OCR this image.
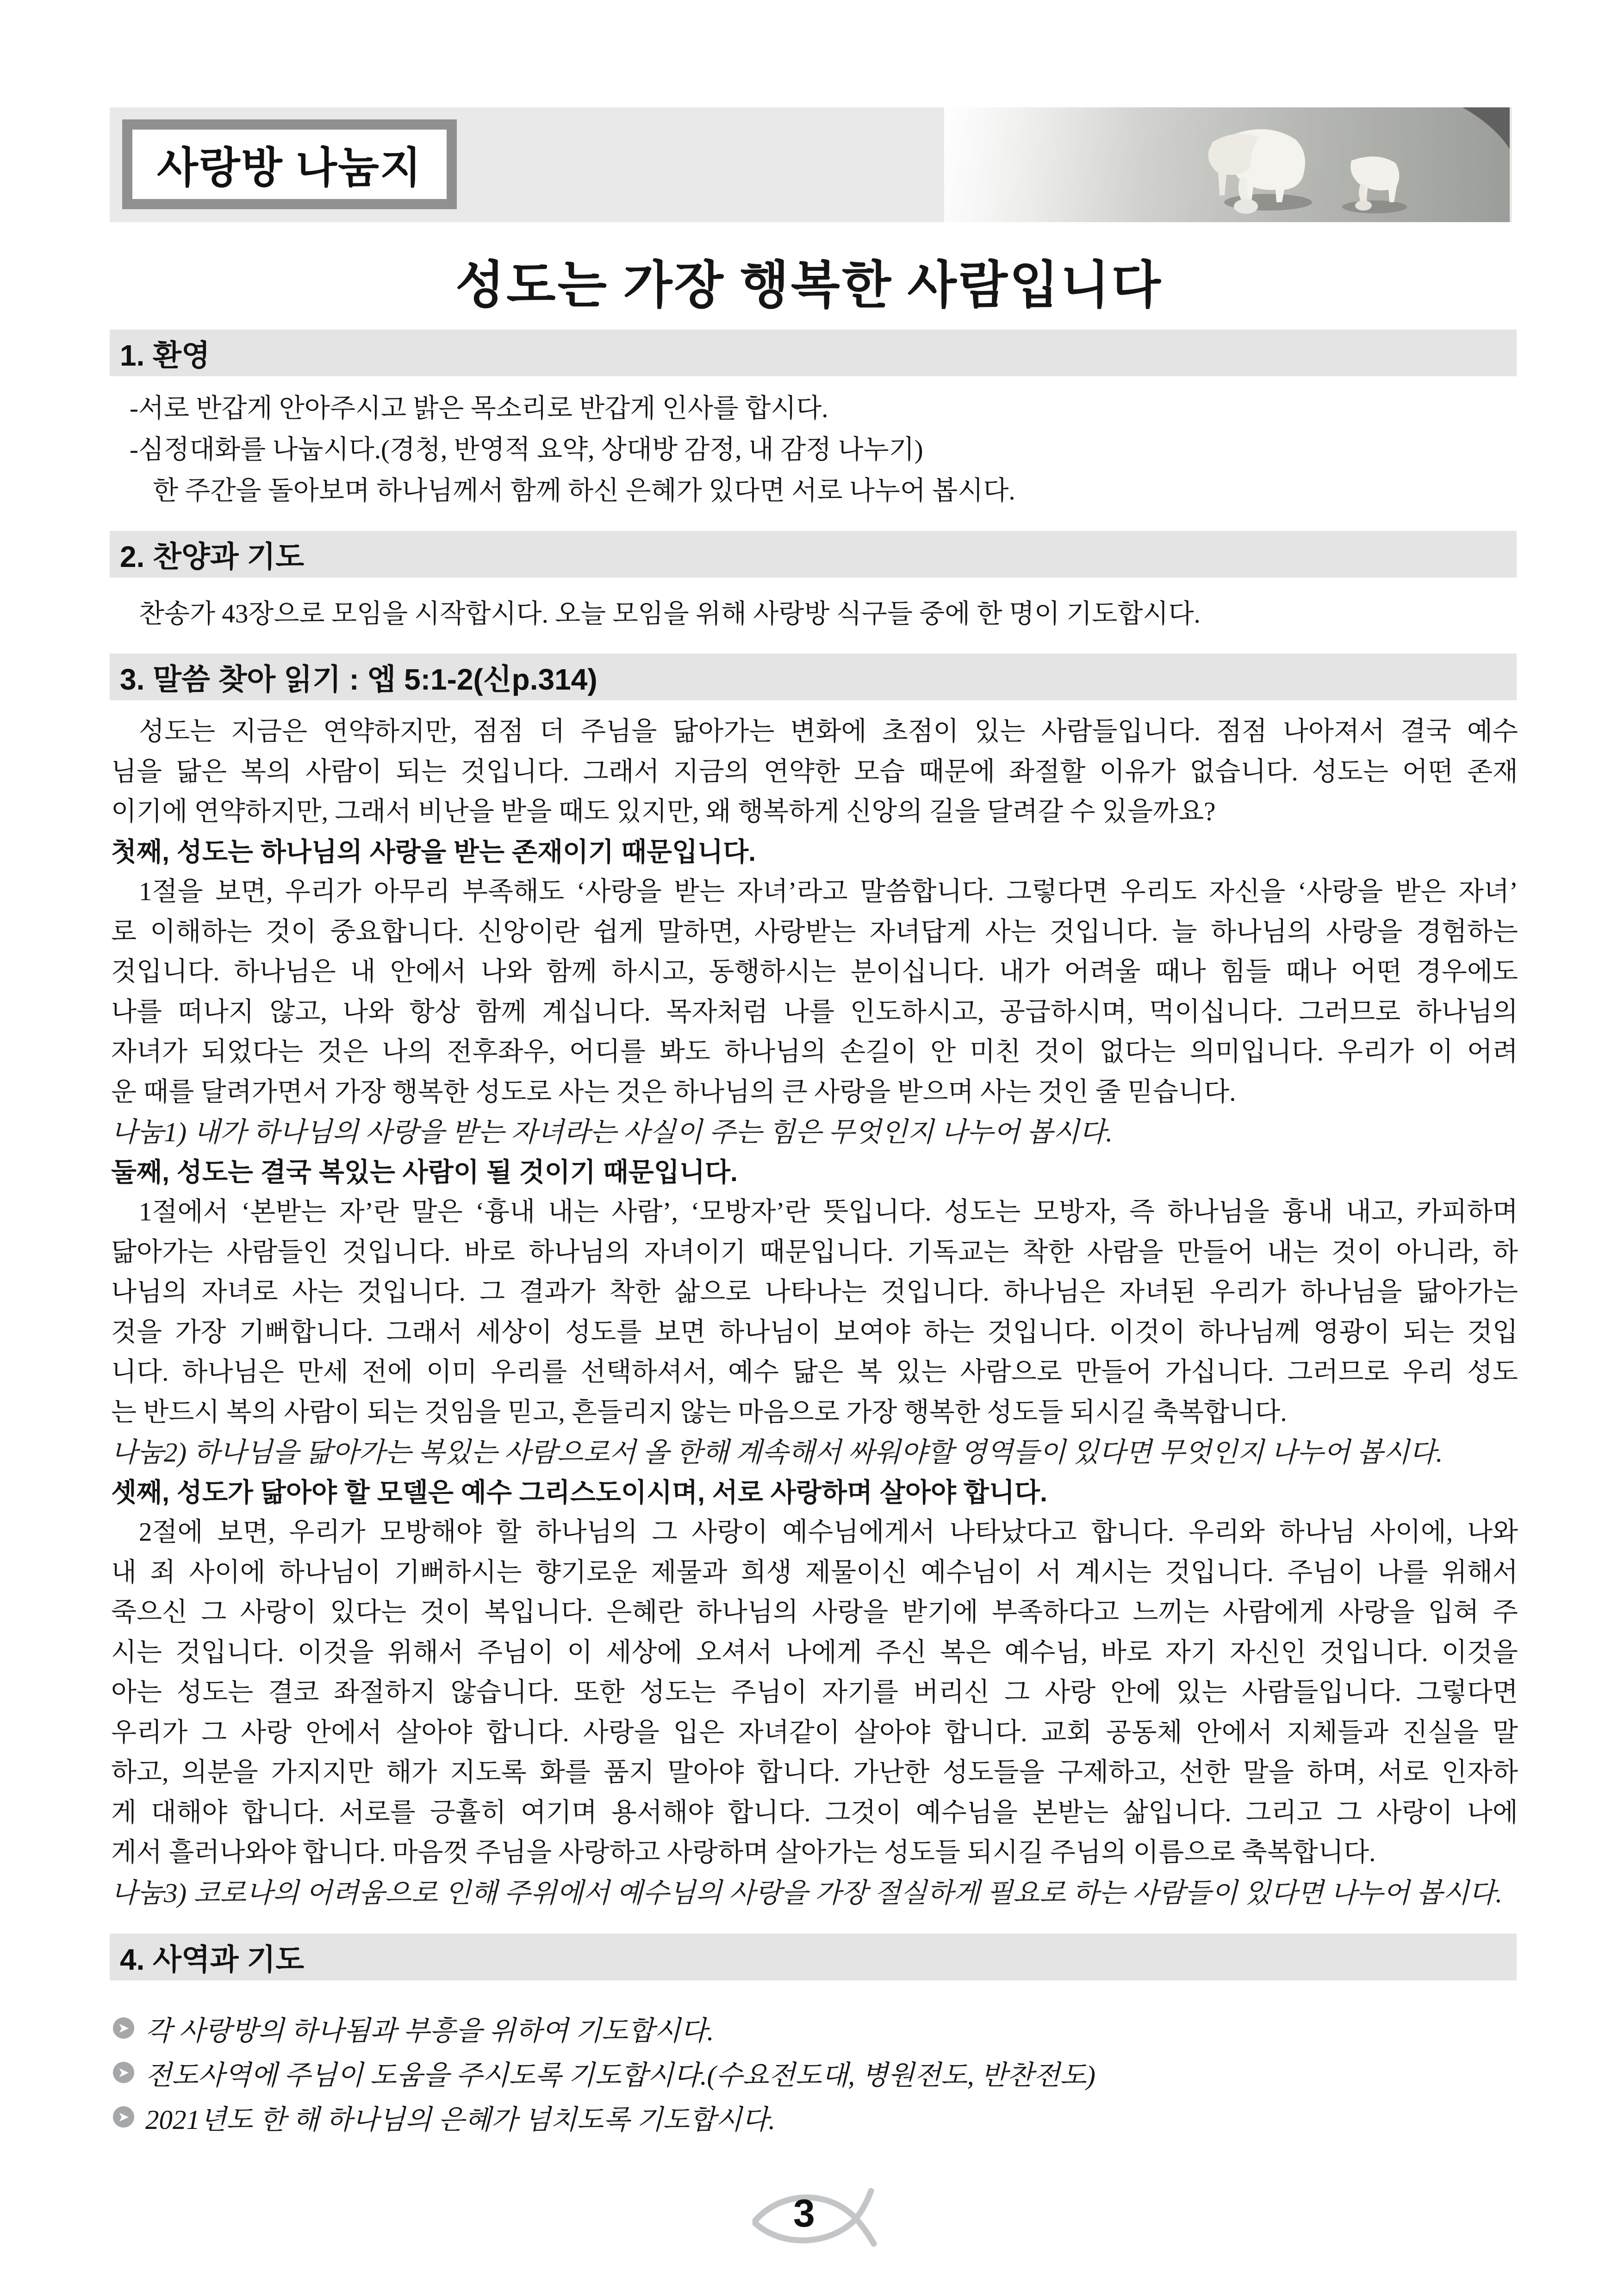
사랑방 나눔지
성도는 가장 행복한 사람입니다
1. 환영
-서로 반갑게 안아주시고 밝은 목소리로 반갑게 인사를 합시다.
-심정대화를 나눕시다.(경청, 반영적 요약, 상대방 감정, 내 감정 나누기)
한 주간을 돌아보며 하나님께서 함께 하신 은혜가 있다면 서로 나누어 봅시다.
2. 찬양과 기도
찬송가 43장으로 모임을 시작합시다. 오늘 모임을 위해 사랑방 식구들 중에 한 명이 기도합시다.
3. 말씀 찾아 읽기 : 엡 5:1-2(신p.314)
성도는 지금은 연약하지만, 점점 더 주님을 닮아가는 변화에 초점이 있는 사람들입니다. 점점 나아져서 결국 예수
님을 닮은 복의 사람이 되는 것입니다. 그래서 지금의 연약한 모습 때문에 좌절할 이유가 없습니다. 성도는 어떤 존재
이기에 연약하지만, 그래서 비난을 받을 때도 있지만, 왜 행복하게 신앙의 길을 달려갈 수 있을까요?
첫째, 성도는 하나님의 사랑을 받는 존재이기 때문입니다.
1절을 보면, 우리가 아무리 부족해도 ‘사랑을 받는 자녀’라고 말씀합니다. 그렇다면 우리도 자신을 ‘사랑을 받은 자녀’
로 이해하는 것이 중요합니다. 신앙이란 쉽게 말하면, 사랑받는 자녀답게 사는 것입니다. 늘 하나님의 사랑을 경험하는
것입니다. 하나님은 내 안에서 나와 함께 하시고, 동행하시는 분이십니다. 내가 어려울 때나 힘들 때나 어떤 경우에도
나를 떠나지 않고, 나와 항상 함께 계십니다. 목자처럼 나를 인도하시고, 공급하시며, 먹이십니다. 그러므로 하나님의
자녀가 되었다는 것은 나의 전후좌우, 어디를 봐도 하나님의 손길이 안 미친 것이 없다는 의미입니다. 우리가 이 어려
운 때를 달려가면서 가장 행복한 성도로 사는 것은 하나님의 큰 사랑을 받으며 사는 것인 줄 믿습니다.
나눔1) 내가 하나님의 사랑을 받는 자녀라는 사실이 주는 힘은 무엇인지 나누어 봅시다.
둘째, 성도는 결국 복있는 사람이 될 것이기 때문입니다.
1절에서 ‘본받는 자’란 말은 ‘흉내 내는 사람’, ‘모방자’란 뜻입니다. 성도는 모방자, 즉 하나님을 흉내 내고, 카피하며
닮아가는 사람들인 것입니다. 바로 하나님의 자녀이기 때문입니다. 기독교는 착한 사람을 만들어 내는 것이 아니라, 하
나님의 자녀로 사는 것입니다. 그 결과가 착한 삶으로 나타나는 것입니다. 하나님은 자녀된 우리가 하나님을 닮아가는
것을 가장 기뻐합니다. 그래서 세상이 성도를 보면 하나님이 보여야 하는 것입니다. 이것이 하나님께 영광이 되는 것입
니다. 하나님은 만세 전에 이미 우리를 선택하셔서, 예수 닮은 복 있는 사람으로 만들어 가십니다. 그러므로 우리 성도
는 반드시 복의 사람이 되는 것임을 믿고, 흔들리지 않는 마음으로 가장 행복한 성도들 되시길 축복합니다.
나눔2) 하나님을 닮아가는 복있는 사람으로서 올 한해 계속해서 싸워야할 영역들이 있다면 무엇인지 나누어 봅시다.
셋째, 성도가 닮아야 할 모델은 예수 그리스도이시며, 서로 사랑하며 살아야 합니다.
2절에 보면, 우리가 모방해야 할 하나님의 그 사랑이 예수님에게서 나타났다고 합니다. 우리와 하나님 사이에, 나와
내 죄 사이에 하나님이 기뻐하시는 향기로운 제물과 희생 제물이신 예수님이 서 계시는 것입니다. 주님이 나를 위해서
죽으신 그 사랑이 있다는 것이 복입니다. 은혜란 하나님의 사랑을 받기에 부족하다고 느끼는 사람에게 사랑을 입혀 주
시는 것입니다. 이것을 위해서 주님이 이 세상에 오셔서 나에게 주신 복은 예수님, 바로 자기 자신인 것입니다. 이것을
아는 성도는 결코 좌절하지 않습니다. 또한 성도는 주님이 자기를 버리신 그 사랑 안에 있는 사람들입니다. 그렇다면
우리가 그 사랑 안에서 살아야 합니다. 사랑을 입은 자녀같이 살아야 합니다. 교회 공동체 안에서 지체들과 진실을 말
하고, 의분을 가지지만 해가 지도록 화를 품지 말아야 합니다. 가난한 성도들을 구제하고, 선한 말을 하며, 서로 인자하
게 대해야 합니다. 서로를 긍휼히 여기며 용서해야 합니다. 그것이 예수님을 본받는 삶입니다. 그리고 그 사랑이 나에
게서 흘러나와야 합니다. 마음껏 주님을 사랑하고 사랑하며 살아가는 성도들 되시길 주님의 이름으로 축복합니다.
나눔3) 코로나의 어려움으로 인해 주위에서 예수님의 사랑을 가장 절실하게 필요로 하는 사람들이 있다면 나누어 봅시다.
4. 사역과 기도
➤ 각 사랑방의 하나됨과 부흥을 위하여 기도합시다.
➤ 전도사역에 주님이 도움을 주시도록 기도합시다.(수요전도대, 병원전도, 반찬전도)
➤ 2021년도 한 해 하나님의 은혜가 넘치도록 기도합시다.
3
